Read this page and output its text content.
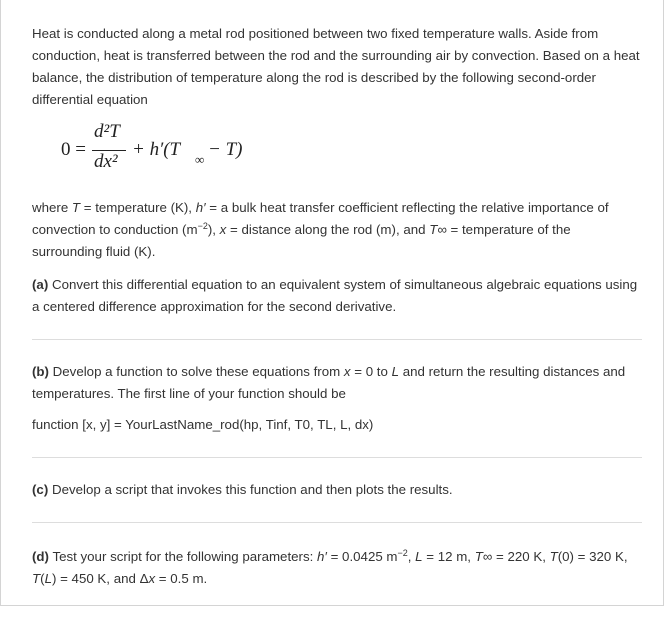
Heat is conducted along a metal rod positioned between two fixed temperature walls. Aside from conduction, heat is transferred between the rod and the surrounding air by convection. Based on a heat balance, the distribution of temperature along the rod is described by the following second-order differential equation

0 =
d²T
dx²
+ h′(T ∞ − T)

where T = temperature (K), h′ = a bulk heat transfer coefficient reflecting the relative importance of convection to conduction $(m^{-2})$, x = distance along the rod (m), and T∞ = temperature of the surrounding fluid (K).

(a) Convert this differential equation to an equivalent system of simultaneous algebraic equations using a centered difference approximation for the second derivative.

(b) Develop a function to solve these equations from x = 0 to L and return the resulting distances and temperatures. The first line of your function should be

function [x, y] = YourLastName_rod(hp, Tinf, T0, TL, L, dx)

(c) Develop a script that invokes this function and then plots the results.

(d) Test your script for the following parameters: h′ = 0.0425 $m^{-2}$, L = 12 m, T∞ = 220 K, T(0) = 320 K, T(L) = 450 K, and Δx = 0.5 m.
